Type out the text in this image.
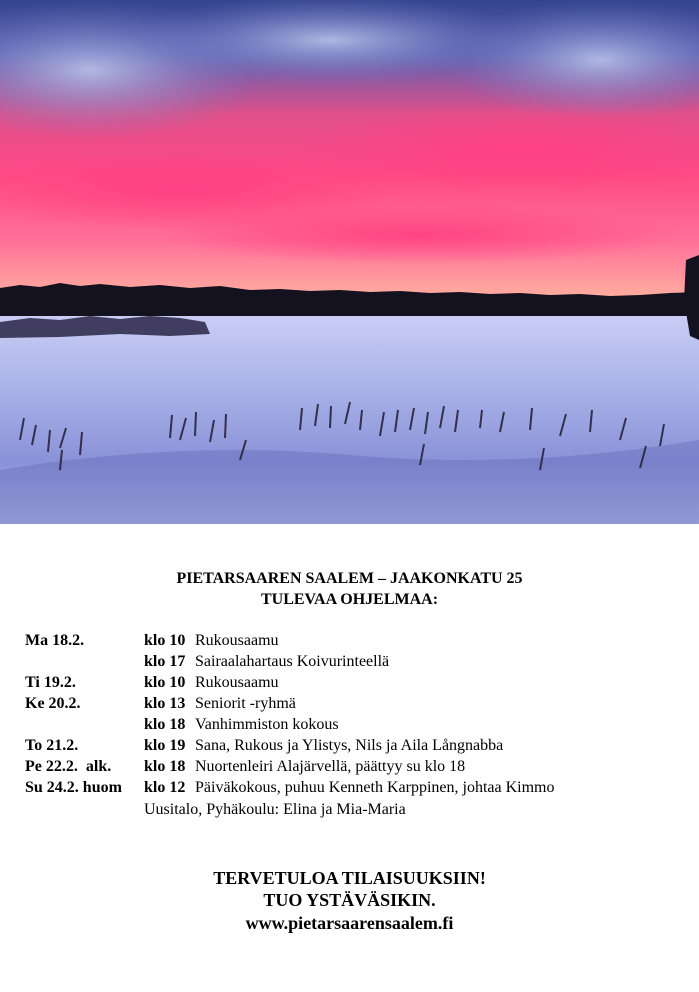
PIETARSAAREN SAALEM – JAAKONKATU 25
TULEVAA OHJELMAA:
Ma 18.2.	klo 10 Rukousaamu
klo 17 Sairaalahartaus Koivurinteellä
Ti 19.2.	klo 10 Rukousaamu
Ke 20.2.	klo 13 Seniorit -ryhmä
klo 18 Vanhimmiston kokous
To 21.2.	klo 19 Sana, Rukous ja Ylistys, Nils ja Aila Långnabba
Pe 22.2.  alk. klo 18 Nuortenleiri Alajärvellä, päättyy su klo 18
Su 24.2. huom klo 12 Päiväkokous, puhuu Kenneth Karppinen, johtaa Kimmo
Uusitalo, Pyhäkoulu: Elina ja Mia-Maria
TERVETULOA TILAISUUKSIIN!
TUO YSTÄVÄSIKIN.
www.pietarsaarensaalem.fi
